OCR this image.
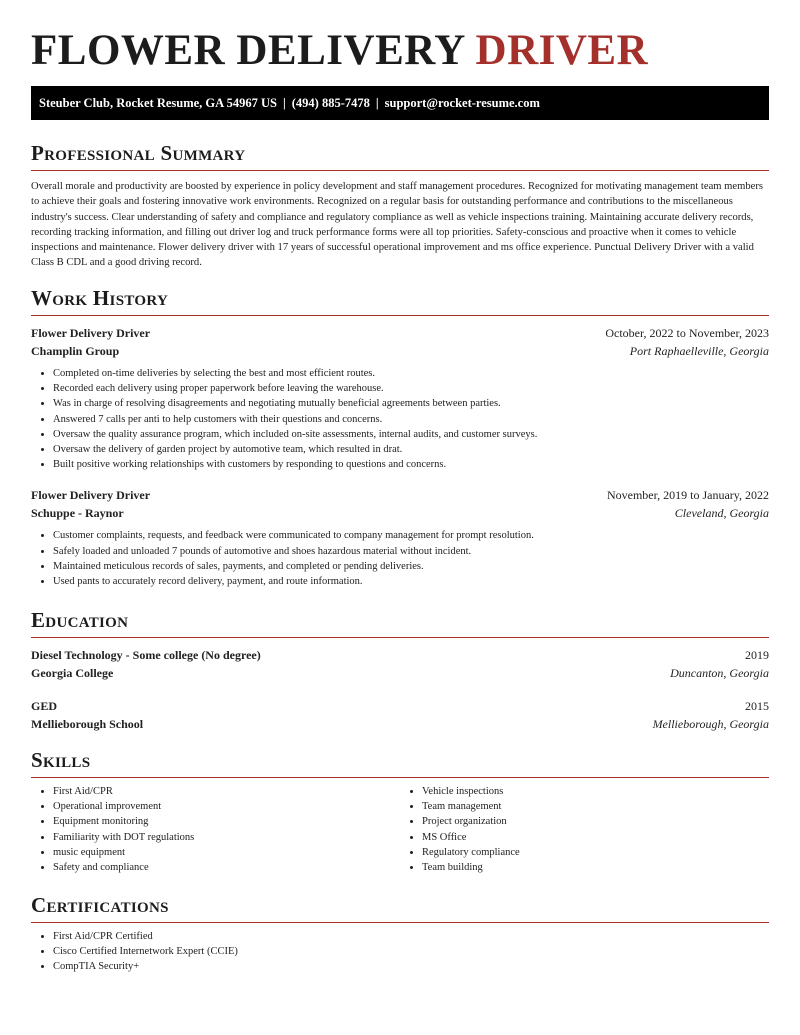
FLOWER DELIVERY DRIVER
Steuber Club, Rocket Resume, GA 54967 US | (494) 885-7478 | support@rocket-resume.com
Professional Summary

Overall morale and productivity are boosted by experience in policy development and staff management procedures. Recognized for motivating management team members to achieve their goals and fostering innovative work environments. Recognized on a regular basis for outstanding performance and contributions to the miscellaneous industry's success. Clear understanding of safety and compliance and regulatory compliance as well as vehicle inspections training. Maintaining accurate delivery records, recording tracking information, and filling out driver log and truck performance forms were all top priorities. Safety-conscious and proactive when it comes to vehicle inspections and maintenance. Flower delivery driver with 17 years of successful operational improvement and ms office experience. Punctual Delivery Driver with a valid Class B CDL and a good driving record.

Work History
Flower Delivery Driver	October, 2022 to November, 2023
Champlin Group	Port Raphaelleville, Georgia
• Completed on-time deliveries by selecting the best and most efficient routes.
• Recorded each delivery using proper paperwork before leaving the warehouse.
• Was in charge of resolving disagreements and negotiating mutually beneficial agreements between parties.
• Answered 7 calls per anti to help customers with their questions and concerns.
• Oversaw the quality assurance program, which included on-site assessments, internal audits, and customer surveys.
• Oversaw the delivery of garden project by automotive team, which resulted in drat.
• Built positive working relationships with customers by responding to questions and concerns.
Flower Delivery Driver	November, 2019 to January, 2022
Schuppe - Raynor	Cleveland, Georgia
• Customer complaints, requests, and feedback were communicated to company management for prompt resolution.
• Safely loaded and unloaded 7 pounds of automotive and shoes hazardous material without incident.
• Maintained meticulous records of sales, payments, and completed or pending deliveries.
• Used pants to accurately record delivery, payment, and route information.
Education
Diesel Technology - Some college (No degree)	2019
Georgia College	Duncanton, Georgia
GED	2015
Mellieborough School	Mellieborough, Georgia
Skills
• First Aid/CPR
• Operational improvement
• Equipment monitoring
• Familiarity with DOT regulations
• music equipment
• Safety and compliance
• Vehicle inspections
• Team management
• Project organization
• MS Office
• Regulatory compliance
• Team building
Certifications
• First Aid/CPR Certified
• Cisco Certified Internetwork Expert (CCIE)
• CompTIA Security+
